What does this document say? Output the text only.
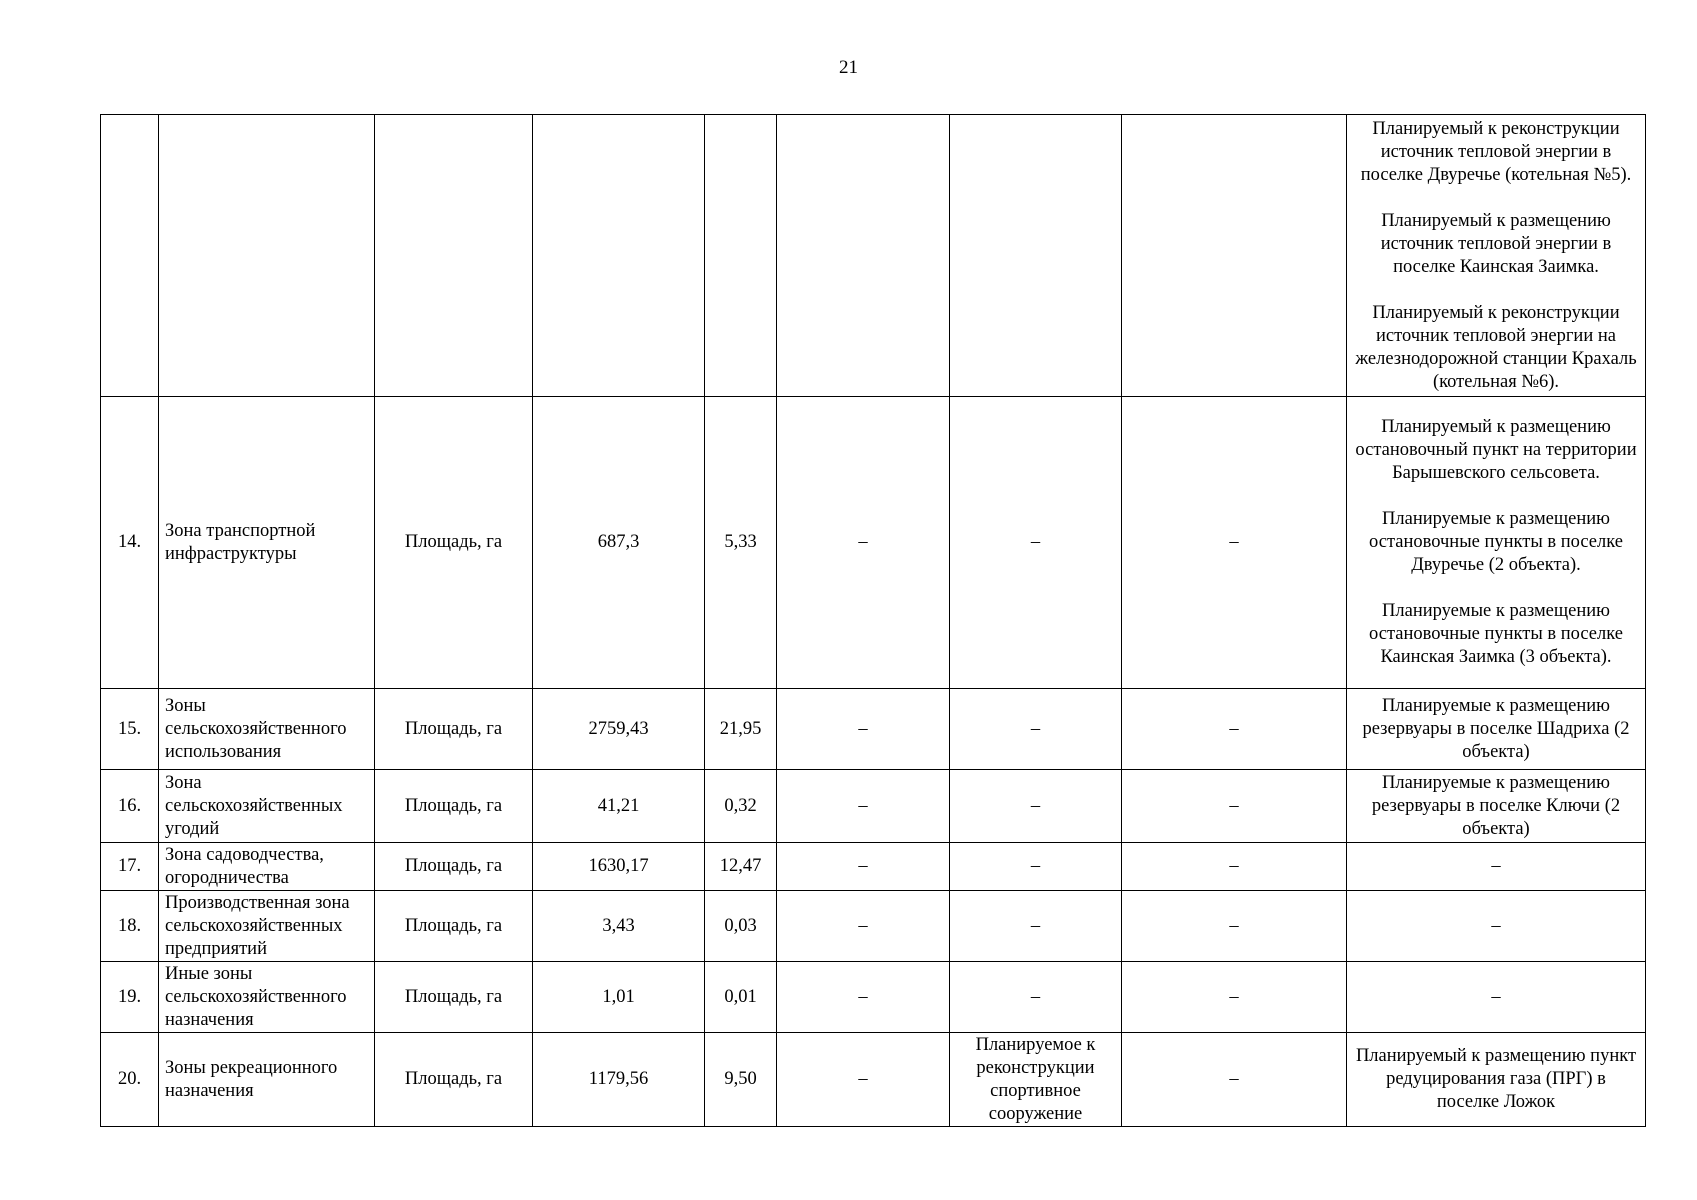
21

								Планируемый к реконструкции источник тепловой энергии в поселке Двуречье (котельная №5).
Планируемый к размещению источник тепловой энергии в поселке Каинская Заимка.
Планируемый к реконструкции источник тепловой энергии на железнодорожной станции Крахаль (котельная №6).

14.	Зона транспортной инфраструктуры	Площадь, га	687,3	5,33	–	–	–	Планируемый к размещению остановочный пункт на территории Барышевского сельсовета.
Планируемые к размещению остановочные пункты в поселке Двуречье (2 объекта).
Планируемые к размещению остановочные пункты в поселке Каинская Заимка (3 объекта).

15.	Зоны сельскохозяйственного использования	Площадь, га	2759,43	21,95	–	–	–	Планируемые к размещению резервуары в поселке Шадриха (2 объекта)
16.	Зона сельскохозяйственных угодий	Площадь, га	41,21	0,32	–	–	–	Планируемые к размещению резервуары в поселке Ключи (2 объекта)
17.	Зона садоводчества, огородничества	Площадь, га	1630,17	12,47	–	–	–	–
18.	Производственная зона сельскохозяйственных предприятий	Площадь, га	3,43	0,03	–	–	–	–
19.	Иные зоны сельскохозяйственного назначения	Площадь, га	1,01	0,01	–	–	–	–
20.	Зоны рекреационного назначения	Площадь, га	1179,56	9,50	–	Планируемое к реконструкции спортивное сооружение	–	Планируемый к размещению пункт редуцирования газа (ПРГ) в поселке Ложок
